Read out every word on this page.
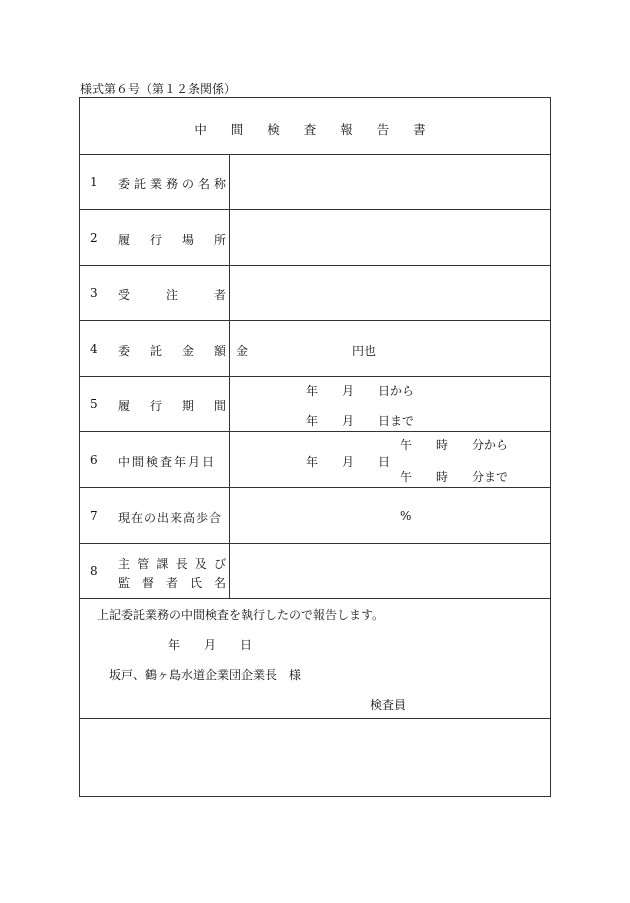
様式第６号（第１２条関係）
中 間 検 査 報 告 書
1 委託業務の名称
2 履 行 場 所
3 受	注	者
4 委 託 金 額 金	円也
5 履 行 期 間
年　　月　　日から
年　　月　　日まで
6 中間検査年月日	年　　月　　日
午　　時　　分から
午　　時　　分まで
7 現在の出来高歩合	%
8 主 管 課 長 及 び
監 督 者 氏 名
上記委託業務の中間検査を執行したので報告します。
年　　月　　日
坂戸、鶴ヶ島水道企業団企業長　様
検査員
